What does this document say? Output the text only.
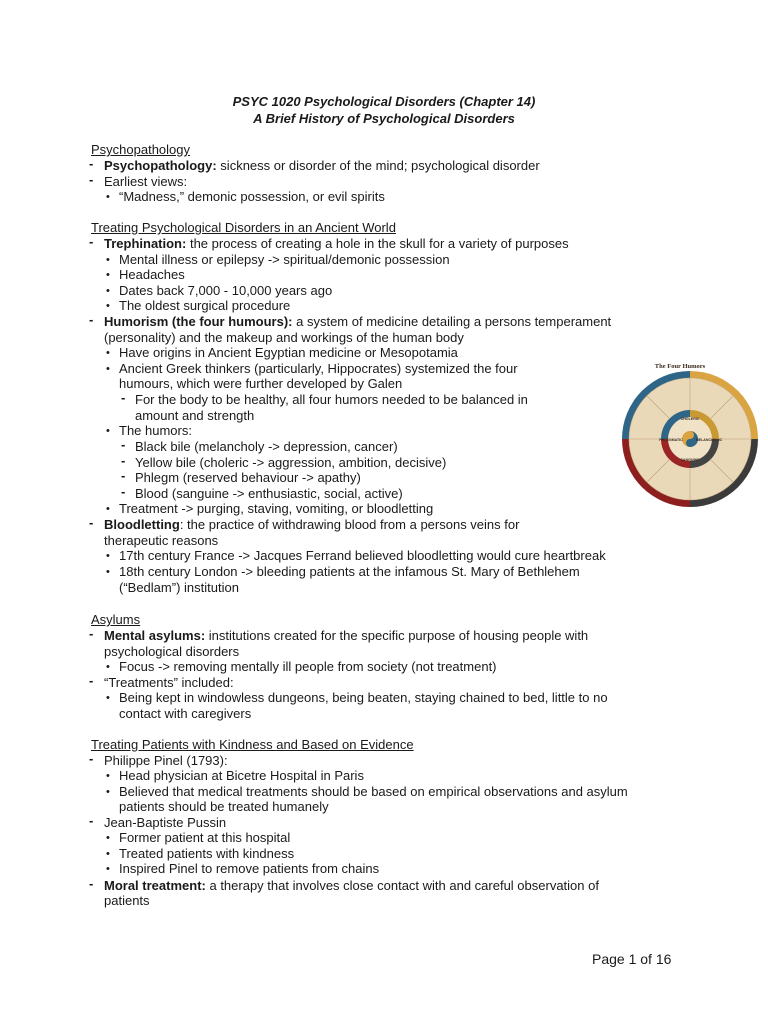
PSYC 1020 Psychological Disorders (Chapter 14)
A Brief History of Psychological Disorders
Psychopathology
- Psychopathology: sickness or disorder of the mind; psychological disorder
- Earliest views:
• “Madness,” demonic possession, or evil spirits
Treating Psychological Disorders in an Ancient World
- Trephination: the process of creating a hole in the skull for a variety of purposes
• Mental illness or epilepsy -> spiritual/demonic possession
• Headaches
• Dates back 7,000 - 10,000 years ago
• The oldest surgical procedure
- Humorism (the four humours): a system of medicine detailing a persons temperament
(personality) and the makeup and workings of the human body
• Have origins in Ancient Egyptian medicine or Mesopotamia
• Ancient Greek thinkers (particularly, Hippocrates) systemized the four
humours, which were further developed by Galen
- For the body to be healthy, all four humors needed to be balanced in
amount and strength
• The humors:
- Black bile (melancholy -> depression, cancer)
- Yellow bile (choleric -> aggression, ambition, decisive)
- Phlegm (reserved behaviour -> apathy)
- Blood (sanguine -> enthusiastic, social, active)
• Treatment -> purging, staving, vomiting, or bloodletting
- Bloodletting: the practice of withdrawing blood from a persons veins for
therapeutic reasons
• 17th century France -> Jacques Ferrand believed bloodletting would cure heartbreak
• 18th century London -> bleeding patients at the infamous St. Mary of Bethlehem
(“Bedlam”) institution
Asylums
- Mental asylums: institutions created for the specific purpose of housing people with
psychological disorders
• Focus -> removing mentally ill people from society (not treatment)
- “Treatments” included:
• Being kept in windowless dungeons, being beaten, staying chained to bed, little to no
contact with caregivers
Treating Patients with Kindness and Based on Evidence
- Philippe Pinel (1793):
• Head physician at Bicetre Hospital in Paris
• Believed that medical treatments should be based on empirical observations and asylum
patients should be treated humanely
- Jean-Baptiste Pussin
• Former patient at this hospital
• Treated patients with kindness
• Inspired Pinel to remove patients from chains
- Moral treatment: a therapy that involves close contact with and careful observation of
patients
The Four Humors
CHOLERIC
MELANCHOLIC
SANGUINE
PHLEGMATIC
Page 1 of 16
